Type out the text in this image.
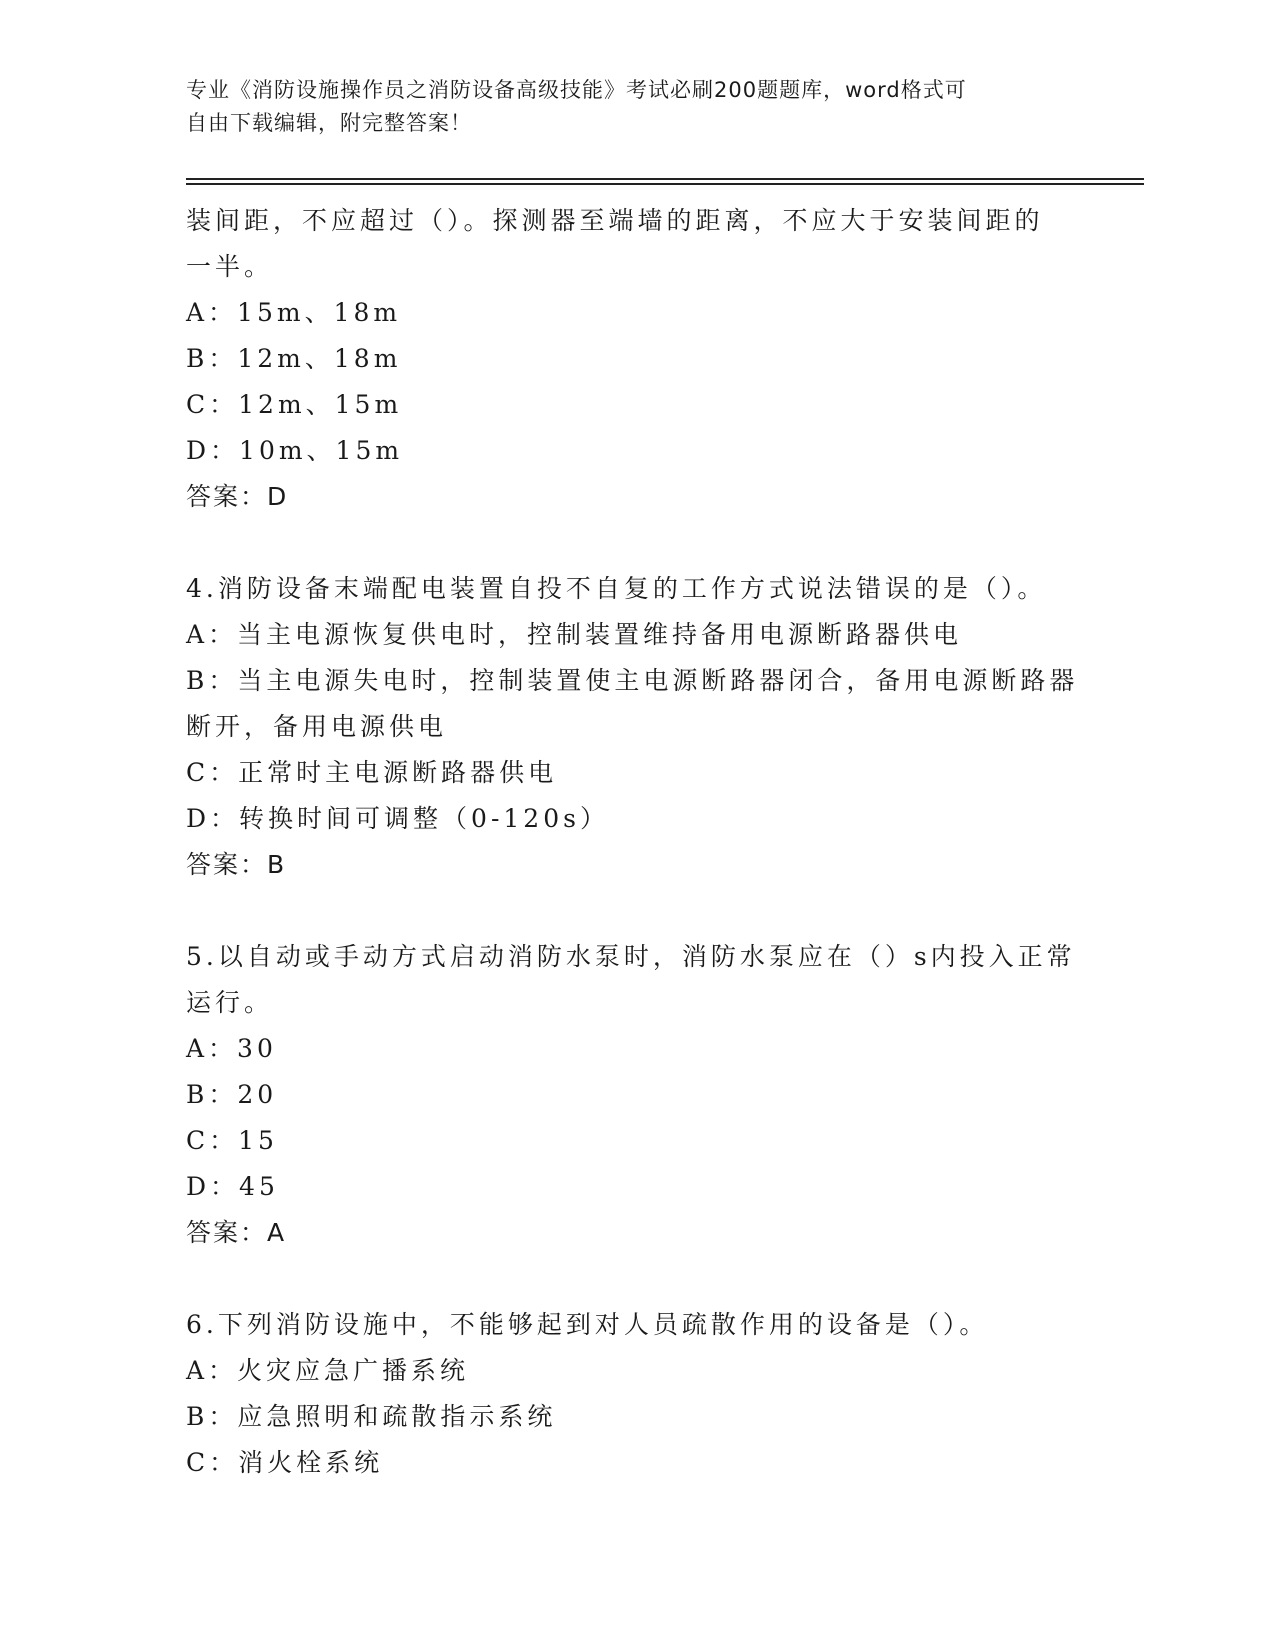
专业《消防设施操作员之消防设备高级技能》考试必刷200题题库，word格式可
自由下载编辑，附完整答案！

装间距，不应超过（）。探测器至端墙的距离，不应大于安装间距的

一半。

A：15m、18m

B：12m、18m

C：12m、15m

D：10m、15m

答案：D

4.消防设备末端配电装置自投不自复的工作方式说法错误的是（）。

A：当主电源恢复供电时，控制装置维持备用电源断路器供电

B：当主电源失电时，控制装置使主电源断路器闭合，备用电源断路器

断开，备用电源供电

C：正常时主电源断路器供电

D：转换时间可调整（0-120s）

答案：B

5.以自动或手动方式启动消防水泵时，消防水泵应在（）s内投入正常

运行。

A：30

B：20

C：15

D：45

答案：A

6.下列消防设施中，不能够起到对人员疏散作用的设备是（）。

A：火灾应急广播系统

B：应急照明和疏散指示系统

C：消火栓系统
